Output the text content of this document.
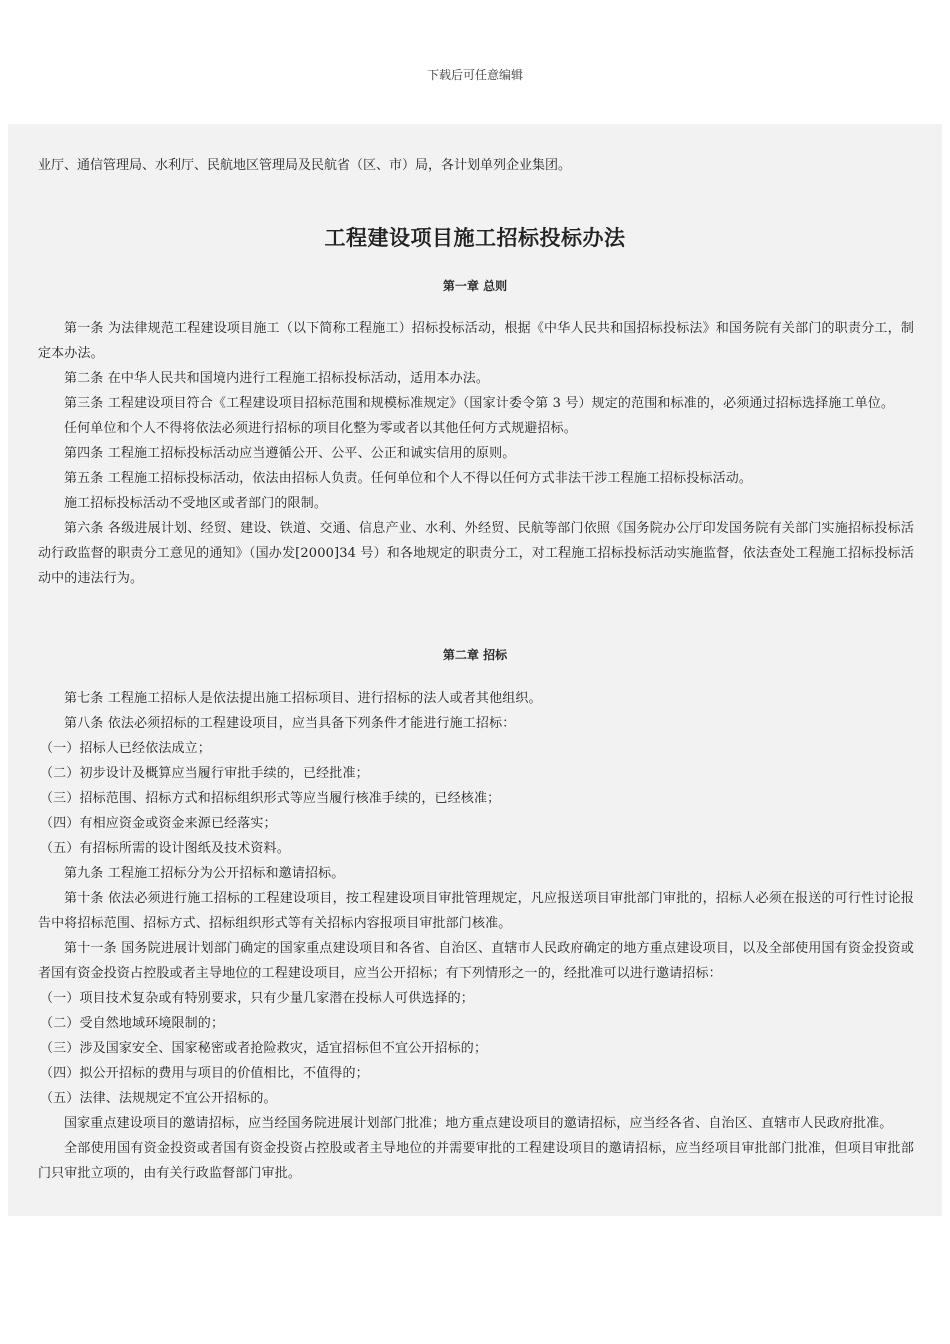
下载后可任意编辑
业厅、通信管理局、水利厅、民航地区管理局及民航省（区、市）局，各计划单列企业集团。
工程建设项目施工招标投标办法
第一章 总则

第一条 为法律规范工程建设项目施工（以下简称工程施工）招标投标活动，根据《中华人民共和国招标投标法》和国务院有关部门的职责分工，制定本办法。

第二条 在中华人民共和国境内进行工程施工招标投标活动，适用本办法。

第三条 工程建设项目符合《工程建设项目招标范围和规模标准规定》（国家计委令第 3 号）规定的范围和标准的，必须通过招标选择施工单位。

任何单位和个人不得将依法必须进行招标的项目化整为零或者以其他任何方式规避招标。

第四条 工程施工招标投标活动应当遵循公开、公平、公正和诚实信用的原则。

第五条 工程施工招标投标活动，依法由招标人负责。任何单位和个人不得以任何方式非法干涉工程施工招标投标活动。

施工招标投标活动不受地区或者部门的限制。

第六条 各级进展计划、经贸、建设、铁道、交通、信息产业、水利、外经贸、民航等部门依照《国务院办公厅印发国务院有关部门实施招标投标活动行政监督的职责分工意见的通知》（国办发[2000]34 号）和各地规定的职责分工，对工程施工招标投标活动实施监督，依法查处工程施工招标投标活动中的违法行为。

第二章 招标

第七条 工程施工招标人是依法提出施工招标项目、进行招标的法人或者其他组织。

第八条 依法必须招标的工程建设项目，应当具备下列条件才能进行施工招标：

（一）招标人已经依法成立；

（二）初步设计及概算应当履行审批手续的，已经批准；

（三）招标范围、招标方式和招标组织形式等应当履行核准手续的，已经核准；

（四）有相应资金或资金来源已经落实；

（五）有招标所需的设计图纸及技术资料。

第九条 工程施工招标分为公开招标和邀请招标。

第十条 依法必须进行施工招标的工程建设项目，按工程建设项目审批管理规定，凡应报送项目审批部门审批的，招标人必须在报送的可行性讨论报告中将招标范围、招标方式、招标组织形式等有关招标内容报项目审批部门核准。

第十一条 国务院进展计划部门确定的国家重点建设项目和各省、自治区、直辖市人民政府确定的地方重点建设项目，以及全部使用国有资金投资或者国有资金投资占控股或者主导地位的工程建设项目，应当公开招标；有下列情形之一的，经批准可以进行邀请招标：

（一）项目技术复杂或有特别要求，只有少量几家潜在投标人可供选择的；

（二）受自然地域环境限制的；

（三）涉及国家安全、国家秘密或者抢险救灾，适宜招标但不宜公开招标的；

（四）拟公开招标的费用与项目的价值相比，不值得的；

（五）法律、法规规定不宜公开招标的。

国家重点建设项目的邀请招标，应当经国务院进展计划部门批准；地方重点建设项目的邀请招标，应当经各省、自治区、直辖市人民政府批准。

全部使用国有资金投资或者国有资金投资占控股或者主导地位的并需要审批的工程建设项目的邀请招标，应当经项目审批部门批准，但项目审批部门只审批立项的，由有关行政监督部门审批。
